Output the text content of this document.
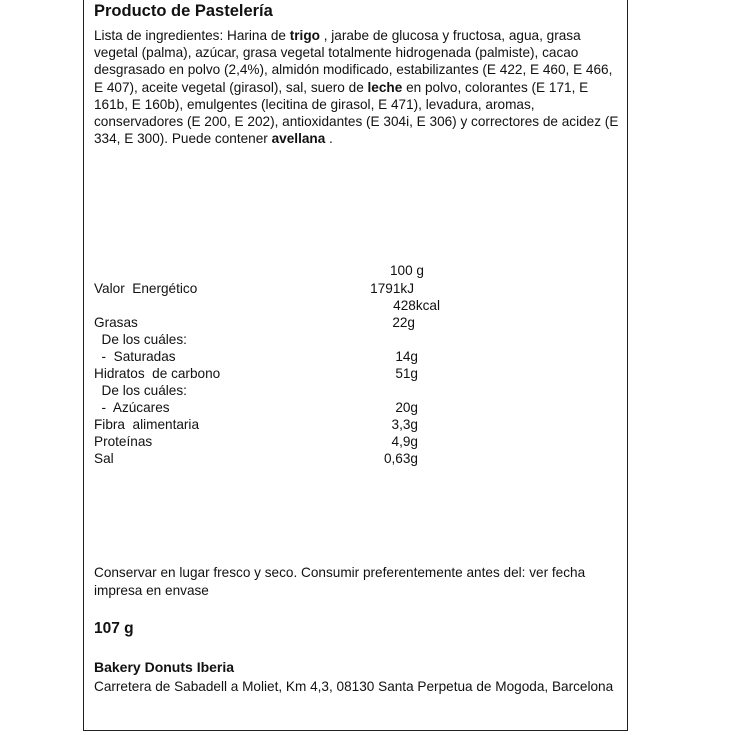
Producto de Pastelería
Lista de ingredientes: Harina de trigo , jarabe de glucosa y fructosa, agua, grasa vegetal (palma), azúcar, grasa vegetal totalmente hidrogenada (palmiste), cacao desgrasado en polvo (2,4%), almidón modificado, estabilizantes (E 422, E 460, E 466, E 407), aceite vegetal (girasol), sal, suero de leche en polvo, colorantes (E 171, E 161b, E 160b), emulgentes (lecitina de girasol, E 471), levadura, aromas, conservadores (E 200, E 202), antioxidantes (E 304i, E 306) y correctores de acidez (E 334, E 300). Puede contener avellana .
100 g
Valor  Energético	1791kJ
428kcal
Grasas	22g
De los cuáles:
-  Saturadas	14g
Hidratos  de carbono	51g
De los cuáles:
-  Azúcares	20g
Fibra  alimentaria	3,3g
Proteínas	4,9g
Sal	0,63g
Conservar en lugar fresco y seco. Consumir preferentemente antes del: ver fecha impresa en envase
107 g
Bakery Donuts Iberia
Carretera de Sabadell a Moliet, Km 4,3, 08130 Santa Perpetua de Mogoda, Barcelona
